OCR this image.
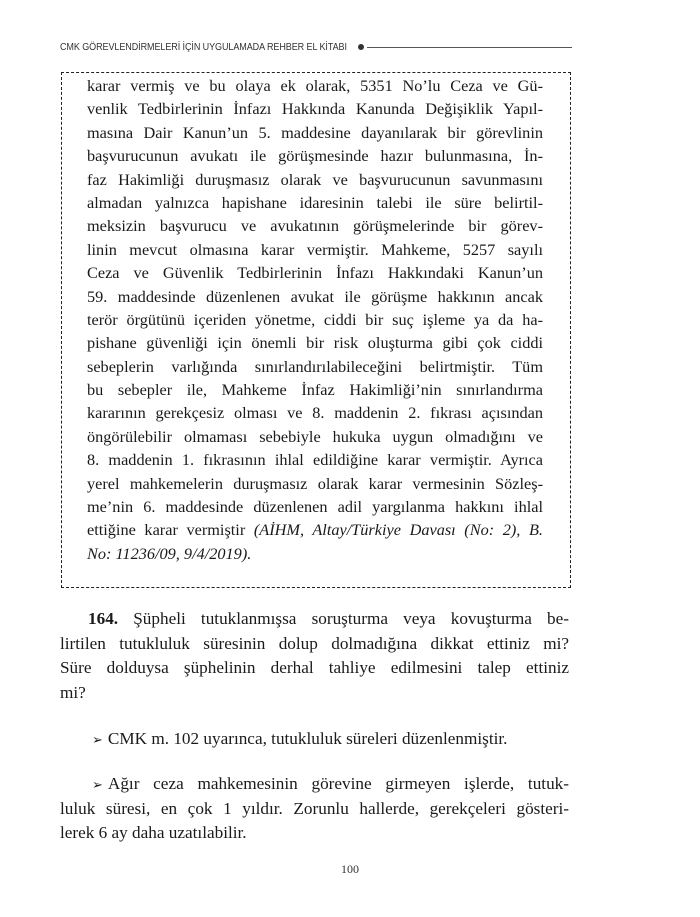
CMK GÖREVLENDİRMELERİ İÇİN UYGULAMADA REHBER EL KİTABI
karar vermiş ve bu olaya ek olarak, 5351 No’lu Ceza ve Gü-
venlik Tedbirlerinin İnfazı Hakkında Kanunda Değişiklik Yapıl-
masına Dair Kanun’un 5. maddesine dayanılarak bir görevlinin
başvurucunun avukatı ile görüşmesinde hazır bulunmasına, İn-
faz Hakimliği duruşmasız olarak ve başvurucunun savunmasını
almadan yalnızca hapishane idaresinin talebi ile süre belirtil-
meksizin başvurucu ve avukatının görüşmelerinde bir görev-
linin mevcut olmasına karar vermiştir. Mahkeme, 5257 sayılı
Ceza ve Güvenlik Tedbirlerinin İnfazı Hakkındaki Kanun’un
59. maddesinde düzenlenen avukat ile görüşme hakkının ancak
terör örgütünü içeriden yönetme, ciddi bir suç işleme ya da ha-
pishane güvenliği için önemli bir risk oluşturma gibi çok ciddi
sebeplerin varlığında sınırlandırılabileceğini belirtmiştir. Tüm
bu sebepler ile, Mahkeme İnfaz Hakimliği’nin sınırlandırma
kararının gerekçesiz olması ve 8. maddenin 2. fıkrası açısından
öngörülebilir olmaması sebebiyle hukuka uygun olmadığını ve
8. maddenin 1. fıkrasının ihlal edildiğine karar vermiştir. Ayrıca
yerel mahkemelerin duruşmasız olarak karar vermesinin Sözleş-
me’nin 6. maddesinde düzenlenen adil yargılanma hakkını ihlal
ettiğine karar vermiştir (AİHM, Altay/Türkiye Davası (No: 2), B.
No: 11236/09, 9/4/2019).
164. Şüpheli tutuklanmışsa soruşturma veya kovuşturma be-
lirtilen tutukluluk süresinin dolup dolmadığına dikkat ettiniz mi?
Süre dolduysa şüphelinin derhal tahliye edilmesini talep ettiniz
mi?
➢ CMK m. 102 uyarınca, tutukluluk süreleri düzenlenmiştir.
➢ Ağır ceza mahkemesinin görevine girmeyen işlerde, tutuk-
luluk süresi, en çok 1 yıldır. Zorunlu hallerde, gerekçeleri gösteri-
lerek 6 ay daha uzatılabilir.
100
